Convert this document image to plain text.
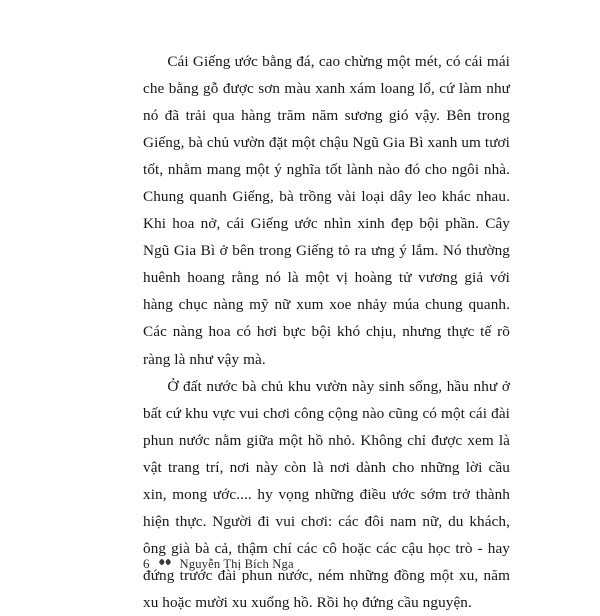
Cái Giếng ước bằng đá, cao chừng một mét, có cái mái che bằng gỗ được sơn màu xanh xám loang lổ, cứ làm như nó đã trải qua hàng trăm năm sương gió vậy. Bên trong Giếng, bà chủ vườn đặt một chậu Ngũ Gia Bì xanh um tươi tốt, nhằm mang một ý nghĩa tốt lành nào đó cho ngôi nhà. Chung quanh Giếng, bà trồng vài loại dây leo khác nhau. Khi hoa nở, cái Giếng ước nhìn xinh đẹp bội phần. Cây Ngũ Gia Bì ở bên trong Giếng tỏ ra ưng ý lắm. Nó thường huênh hoang rằng nó là một vị hoàng tử vương giả với hàng chục nàng mỹ nữ xum xoe nhảy múa chung quanh. Các nàng hoa có hơi bực bội khó chịu, nhưng thực tế rõ ràng là như vậy mà.

Ở đất nước bà chủ khu vườn này sinh sống, hầu như ở bất cứ khu vực vui chơi công cộng nào cũng có một cái đài phun nước nằm giữa một hồ nhỏ. Không chỉ được xem là vật trang trí, nơi này còn là nơi dành cho những lời cầu xin, mong ước.... hy vọng những điều ước sớm trở thành hiện thực. Người đi vui chơi: các đôi nam nữ, du khách, ông già bà cả, thậm chí các cô hoặc các cậu học trò - hay đứng trước đài phun nước, ném những đồng một xu, năm xu hoặc mười xu xuống hồ. Rồi họ đứng cầu nguyện.

6 Nguyễn Thị Bích Nga
